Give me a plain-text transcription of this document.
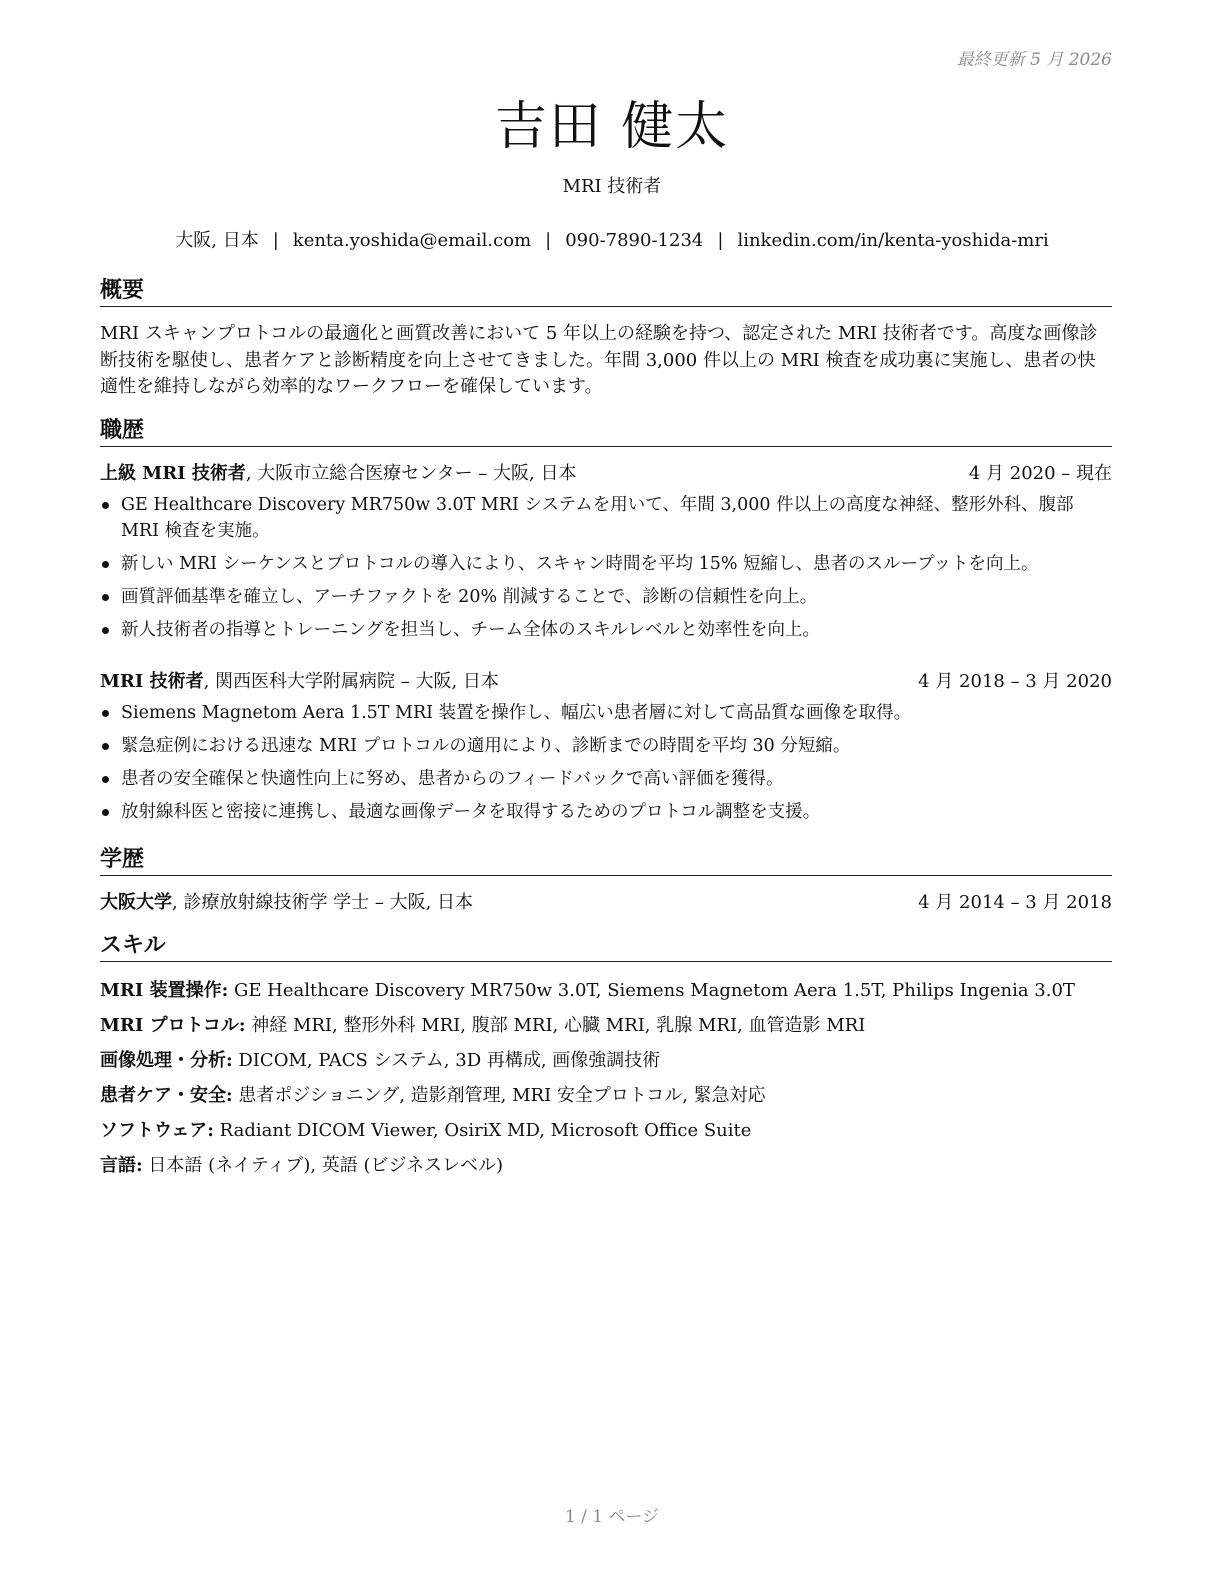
最終更新 5 月 2026
吉田 健太
MRI 技術者
大阪, 日本 | kenta.yoshida@email.com | 090-7890-1234 | linkedin.com/in/kenta-yoshida-mri
概要
MRI スキャンプロトコルの最適化と画質改善において 5 年以上の経験を持つ、認定された MRI 技術者です。高度な画像診断技術を駆使し、患者ケアと診断精度を向上させてきました。年間 3,000 件以上の MRI 検査を成功裏に実施し、患者の快適性を維持しながら効率的なワークフローを確保しています。
職歴
上級 MRI 技術者, 大阪市立総合医療センター – 大阪, 日本	4 月 2020 – 現在
GE Healthcare Discovery MR750w 3.0T MRI システムを用いて、年間 3,000 件以上の高度な神経、整形外科、腹部 MRI 検査を実施。
新しい MRI シーケンスとプロトコルの導入により、スキャン時間を平均 15% 短縮し、患者のスループットを向上。
画質評価基準を確立し、アーチファクトを 20% 削減することで、診断の信頼性を向上。
新人技術者の指導とトレーニングを担当し、チーム全体のスキルレベルと効率性を向上。
MRI 技術者, 関西医科大学附属病院 – 大阪, 日本	4 月 2018 – 3 月 2020
Siemens Magnetom Aera 1.5T MRI 装置を操作し、幅広い患者層に対して高品質な画像を取得。
緊急症例における迅速な MRI プロトコルの適用により、診断までの時間を平均 30 分短縮。
患者の安全確保と快適性向上に努め、患者からのフィードバックで高い評価を獲得。
放射線科医と密接に連携し、最適な画像データを取得するためのプロトコル調整を支援。
学歴
大阪大学, 診療放射線技術学 学士 – 大阪, 日本	4 月 2014 – 3 月 2018
スキル
MRI 装置操作: GE Healthcare Discovery MR750w 3.0T, Siemens Magnetom Aera 1.5T, Philips Ingenia 3.0T
MRI プロトコル: 神経 MRI, 整形外科 MRI, 腹部 MRI, 心臓 MRI, 乳腺 MRI, 血管造影 MRI
画像処理・分析: DICOM, PACS システム, 3D 再構成, 画像強調技術
患者ケア・安全: 患者ポジショニング, 造影剤管理, MRI 安全プロトコル, 緊急対応
ソフトウェア: Radiant DICOM Viewer, OsiriX MD, Microsoft Office Suite
言語: 日本語 (ネイティブ), 英語 (ビジネスレベル)
1 / 1 ページ
